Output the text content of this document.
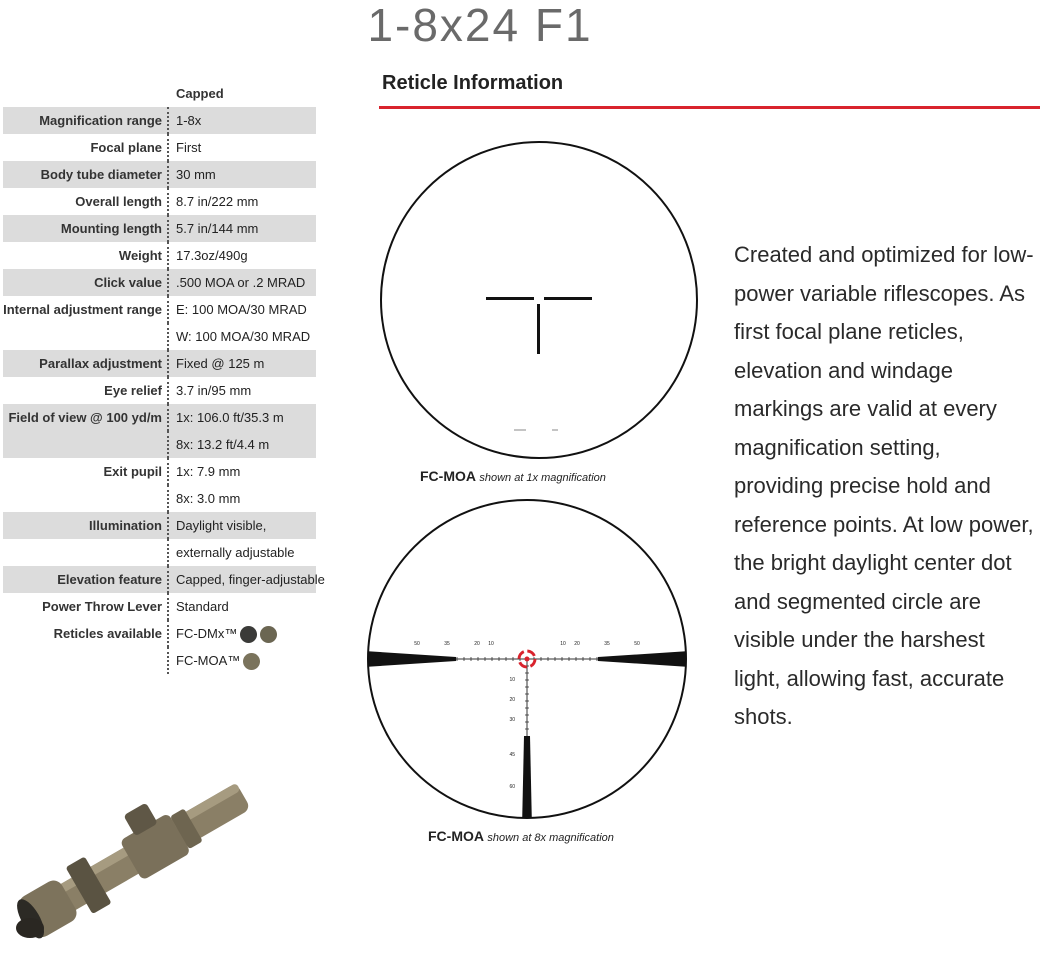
1-8x24 F1
Capped
Magnification range	1-8x
Focal plane	First
Body tube diameter	30 mm
Overall length	8.7 in/222 mm
Mounting length	5.7 in/144 mm
Weight	17.3oz/490g
Click value	.500 MOA or .2 MRAD
Internal adjustment range	E: 100 MOA/30 MRAD
W: 100 MOA/30 MRAD
Parallax adjustment	Fixed @ 125 m
Eye relief	3.7 in/95 mm
Field of view @ 100 yd/m	1x: 106.0 ft/35.3 m
8x: 13.2 ft/4.4 m
Exit pupil	1x: 7.9 mm
8x: 3.0 mm
Illumination	Daylight visible,
externally adjustable
Elevation feature	Capped, finger-adjustable
Power Throw Lever	Standard
Reticles available	FC-DMx™
FC-MOA™
Reticle Information
FC-MOA shown at 1x magnification
50	35	20 10	10 20	35	50
10
20
30
45
60
FC-MOA shown at 8x magnification
Created and optimized for low-power variable riflescopes. As first focal plane reticles, elevation and windage markings are valid at every magnification setting, providing precise hold and reference points. At low power, the bright daylight center dot and segmented circle are visible under the harshest light, allowing fast, accurate shots.
